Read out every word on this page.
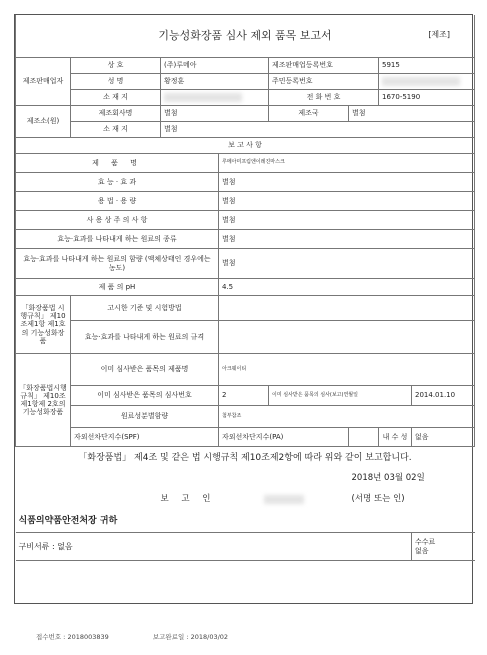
기능성화장품 심사 제외 품목 보고서 [제조]							

제조판매업자	상 호	(주)루메아		제조판매업등록번호		5915	
	성 명	황정훈		주민등록번호			
	소 재 지			전 화 번 호		1670-5190	
제조소(원)	제조회사명	별첨		제조국	별첨		
	소 재 지	별첨					
보 고 사 항							
제 품 명			루메아미프림엔이레진마스크				
효 능 · 효 과			별첨				
용 법 · 용 량			별첨				
사 용 상 주 의 사 항			별첨				
효능·효과를 나타내게 하는 원료의 종류			별첨				
효능·효과를 나타내게 하는 원료의 함량 (액체상태인 경우에는 농도)			별첨				
제 품 의 pH			4.5				
「화장품법 시행규칙」 제10조제1항 제1호의 기능성화장품	고시한 기준 및 시험방법						
	효능·효과를 나타내게 하는 원료의 규격						
「화장품법시행규칙」 제10조제1항제 2호의기능성화장품	이미 심사받은 품목의 제품명		아크웨이티				
	이미 심사받은 품목의 심사번호		2	이미 심사받은 품목의 심사(보고)연월일			2014.01.10
	원료성분별함량		첨부참조				
	자외선차단지수(SPF)		자외선차단지수(PA)			내 수 성	없음
「화장품법」 제4조 및 같은 법 시행규칙 제10조제2항에 따라 위와 같이 보고합니다.							
					2018년 03월 02일		
보 고 인					(서명 또는 인)		
식품의약품안전처장 귀하							
구비서류 : 없음							수수료
없음
접수번호 : 2018003839	보고완료일 : 2018/03/02
